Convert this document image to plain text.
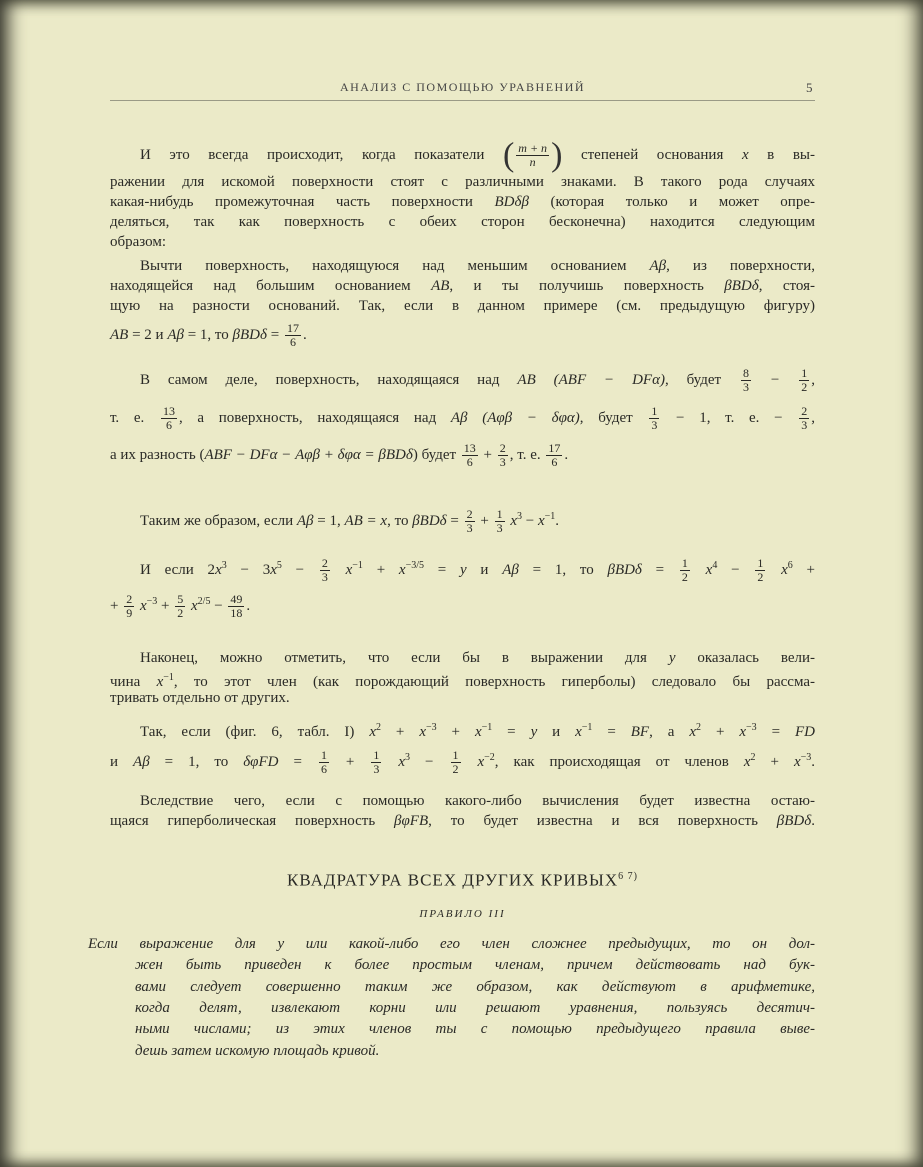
АНАЛИЗ С ПОМОЩЬЮ УРАВНЕНИЙ	5
И это всегда происходит, когда показатели ( $\frac{m + n}{n}$ ) степеней основания x в вы-
ражении для искомой поверхности стоят с различными знаками. В такого рода случаях
какая-нибудь промежуточная часть поверхности BDδβ (которая только и может опре-
деляться, так как поверхность с обеих сторон бесконечна) находится следующим
образом:
Вычти поверхность, находящуюся над меньшим основанием Aβ, из поверхности,
находящейся над большим основанием AB, и ты получишь поверхность βBDδ, стоя-
щую на разности оснований. Так, если в данном примере (см. предыдущую фигуру)
AB = 2 и Aβ = 1, то $\beta BD\delta = \frac{17}{6}$ .
В самом деле, поверхность, находящаяся над AB (ABF − DFα), будет $\frac{8}{3} - \frac{1}{2}$ ,
т. е. $\frac{13}{6}$ , а поверхность, находящаяся над Aβ (Aφβ − δφα), будет $\frac{1}{3} - 1$, т. е. − $\frac{2}{3}$ ,
а их разность (ABF − DFα − Aφβ + δφα = βBDδ) будет $\frac{13}{6} + \frac{2}{3}$ , т. е. $\frac{17}{6}$ .
Таким же образом, если Aβ = 1, AB = x, то $\beta BD\delta = \frac{2}{3} + \frac{1}{3} x^3 - x^{-1}$.
И если $2x^3 - 3x^5 - \frac{2}{3} x^{-1} + x^{-3/5} = y$ и Aβ = 1, то $\beta BD\delta = \frac{1}{2} x^4 - \frac{1}{2} x^6$ +
+ $\frac{2}{9} x^{-3} + \frac{5}{2} x^{2/5} - \frac{49}{18}$ .
Наконец, можно отметить, что если бы в выражении для y оказалась вели-
чина $x^{-1}$, то этот член (как порождающий поверхность гиперболы) следовало бы рассма-
тривать отдельно от других.
Так, если (фиг. 6, табл. I) $x^2 + x^{-3} + x^{-1} = y$ и $x^{-1}$ = BF, а $x^2 + x^{-3}$ = FD
и Aβ = 1, то $\delta\varphi FD = \frac{1}{6} + \frac{1}{3} x^3 - \frac{1}{2} x^{-2}$, как происходящая от членов $x^2 + x^{-3}$.
Вследствие чего, если с помощью какого-либо вычисления будет известна остаю-
щаяся гиперболическая поверхность βφFB, то будет известна и вся поверхность βBDδ.
КВАДРАТУРА ВСЕХ ДРУГИХ $КРИВЫХ^{6 7)}$
ПРАВИЛО III
Если выражение для y или какой-либо его член сложнее предыдущих, то он дол-
жен быть приведен к более простым членам, причем действовать над бук-
вами следует совершенно таким же образом, как действуют в арифметике,
когда делят, извлекают корни или решают уравнения, пользуясь десятич-
ными числами; из этих членов ты с помощью предыдущего правила выве-
дешь затем искомую площадь кривой.
